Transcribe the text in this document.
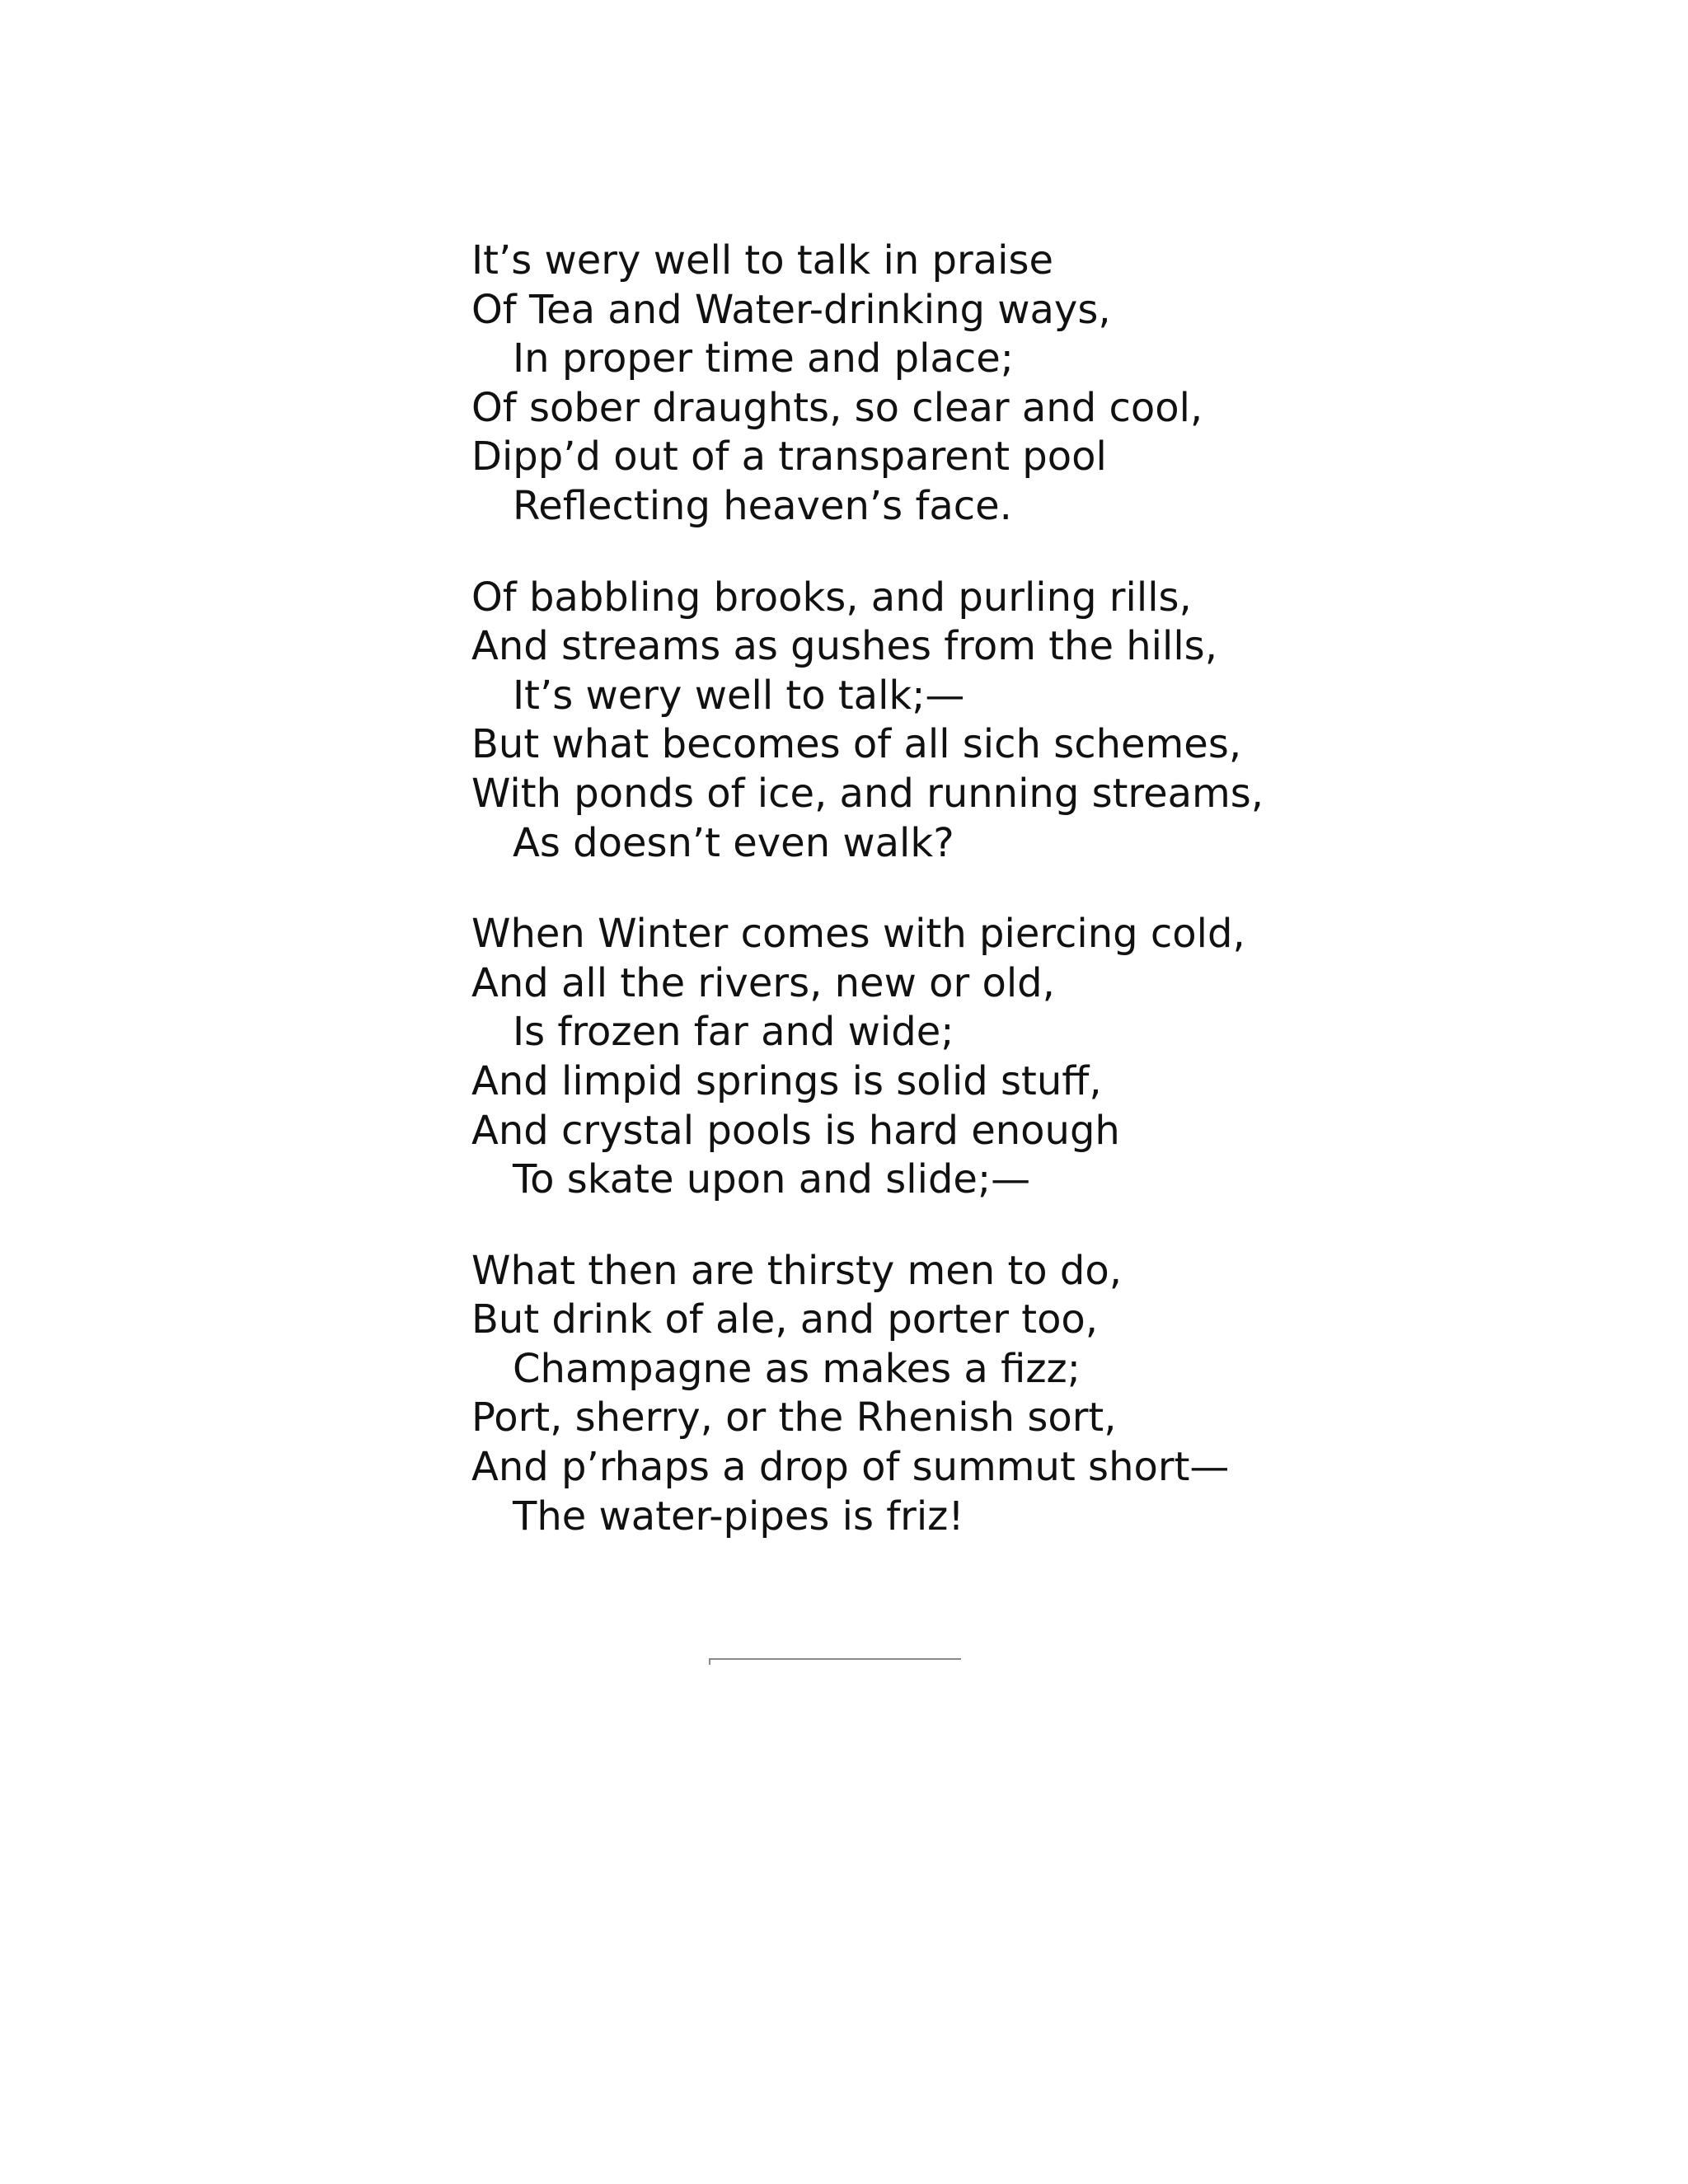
It’s wery well to talk in praise
Of Tea and Water-drinking ways,
In proper time and place;
Of sober draughts, so clear and cool,
Dipp’d out of a transparent pool
Reflecting heaven’s face.
Of babbling brooks, and purling rills,
And streams as gushes from the hills,
It’s wery well to talk;—
But what becomes of all sich schemes,
With ponds of ice, and running streams,
As doesn’t even walk?
When Winter comes with piercing cold,
And all the rivers, new or old,
Is frozen far and wide;
And limpid springs is solid stuff,
And crystal pools is hard enough
To skate upon and slide;—
What then are thirsty men to do,
But drink of ale, and porter too,
Champagne as makes a fizz;
Port, sherry, or the Rhenish sort,
And p’rhaps a drop of summut short—
The water-pipes is friz!
